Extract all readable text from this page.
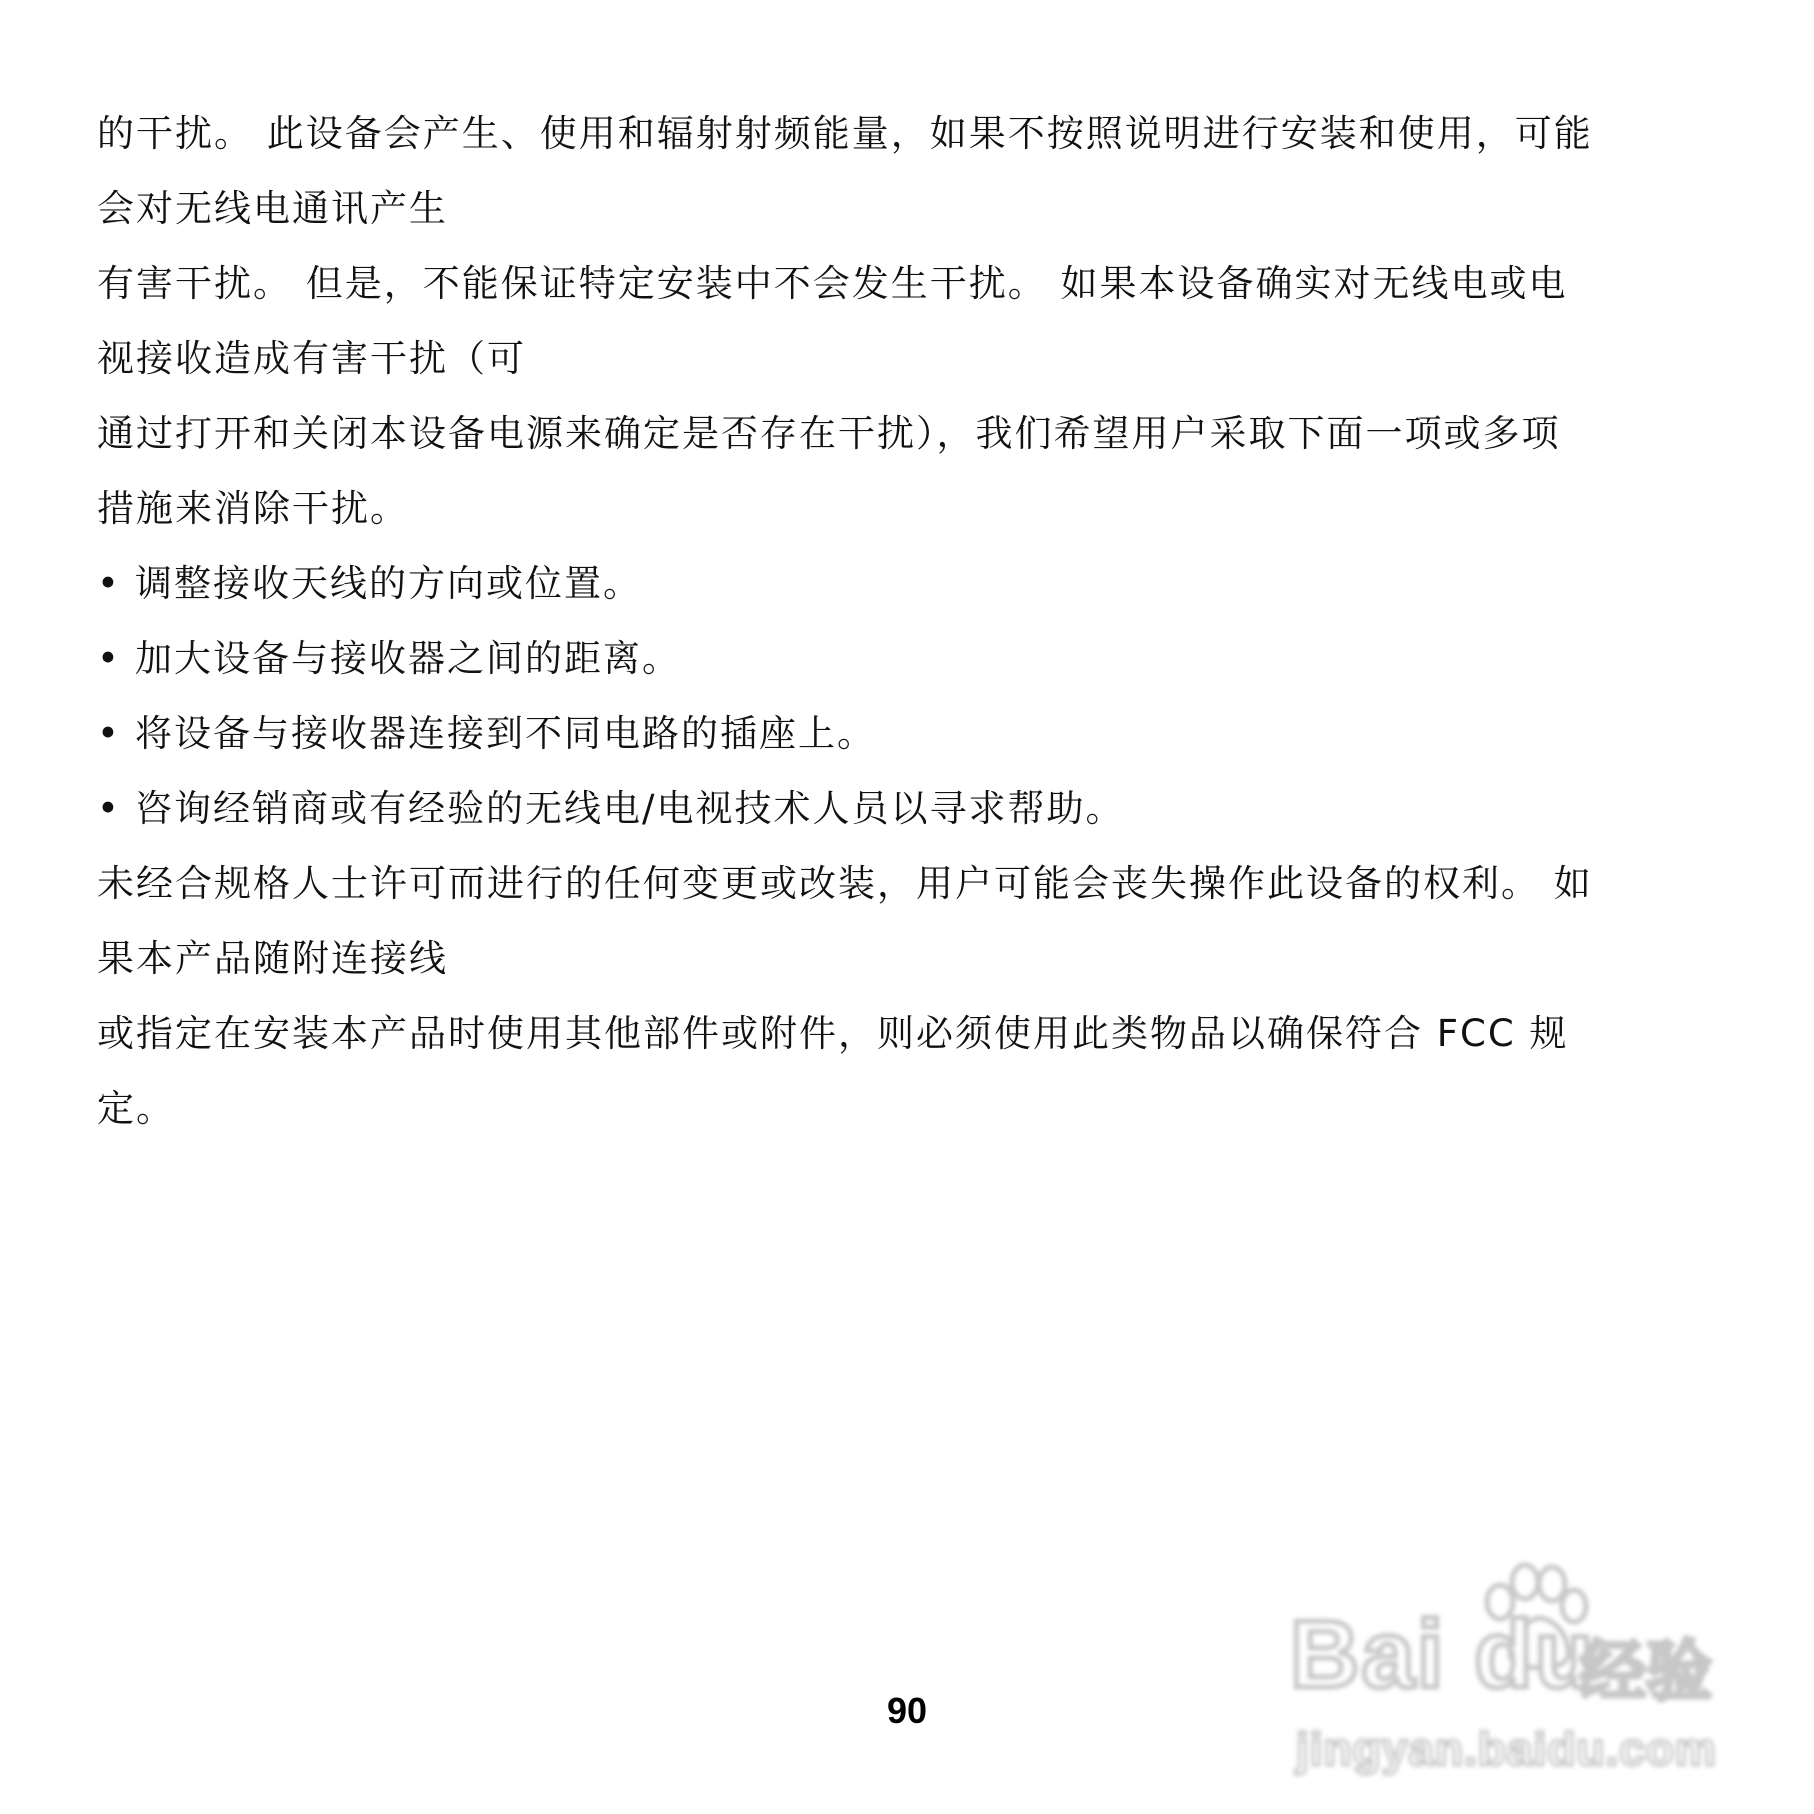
的干扰。 此设备会产生、使用和辐射射频能量，如果不按照说明进行安装和使用，可能
会对无线电通讯产生
有害干扰。 但是，不能保证特定安装中不会发生干扰。 如果本设备确实对无线电或电
视接收造成有害干扰（可
通过打开和关闭本设备电源来确定是否存在干扰），我们希望用户采取下面一项或多项
措施来消除干扰。
• 调整接收天线的方向或位置。
• 加大设备与接收器之间的距离。
• 将设备与接收器连接到不同电路的插座上。
• 咨询经销商或有经验的无线电/电视技术人员以寻求帮助。
未经合规格人士许可而进行的任何变更或改装，用户可能会丧失操作此设备的权利。 如
果本产品随附连接线
或指定在安装本产品时使用其他部件或附件，则必须使用此类物品以确保符合 FCC 规
定。
90
Bai du
经验
jingyan.baidu.com
